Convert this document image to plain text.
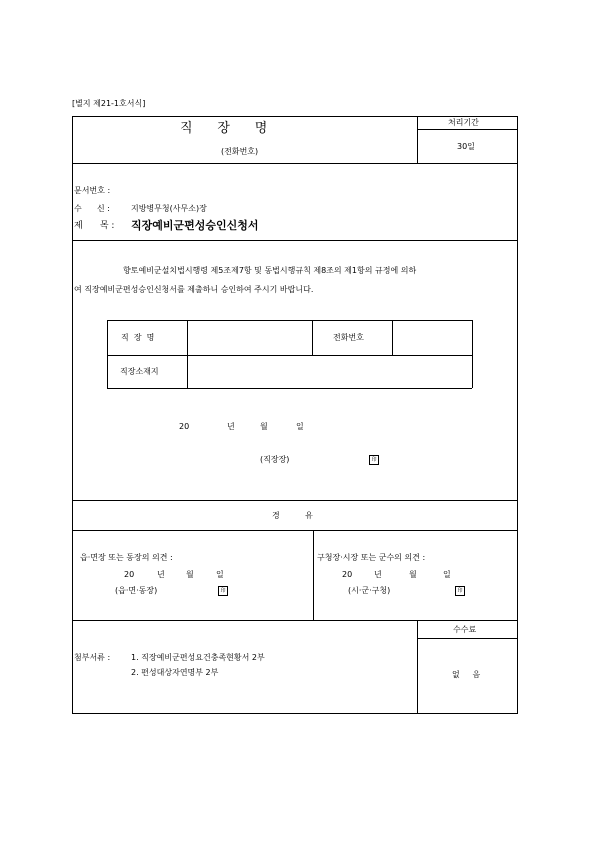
[별지 제21-1호서식]
처리기간
30일
직      장      명
(전화번호)
문서번호 :
수      신 :	지방병무청(사무소)장
제      목 : 직장예비군편성승인신청서
향토예비군설치법시행령 제5조제7항 및 동법시행규칙 제8조의 제1항의 규정에 의하
여 직장예비군편성승인신청서를 제출하니 승인하여 주시기 바랍니다.
직  장  명	전화번호
직장소재지
20	년	월	일
(직장장)	印
경          유
읍·면장 또는 동장의 의견 :
20	년	월	일
(읍·면·동장)	印
구청장·시장 또는 군수의 의견 :
20	년	월	일
(시·군·구청)	印
수수료
없     음
첨부서류 :	1. 직장예비군편성요건충족현황서 2부
2. 편성대상자연명부 2부
